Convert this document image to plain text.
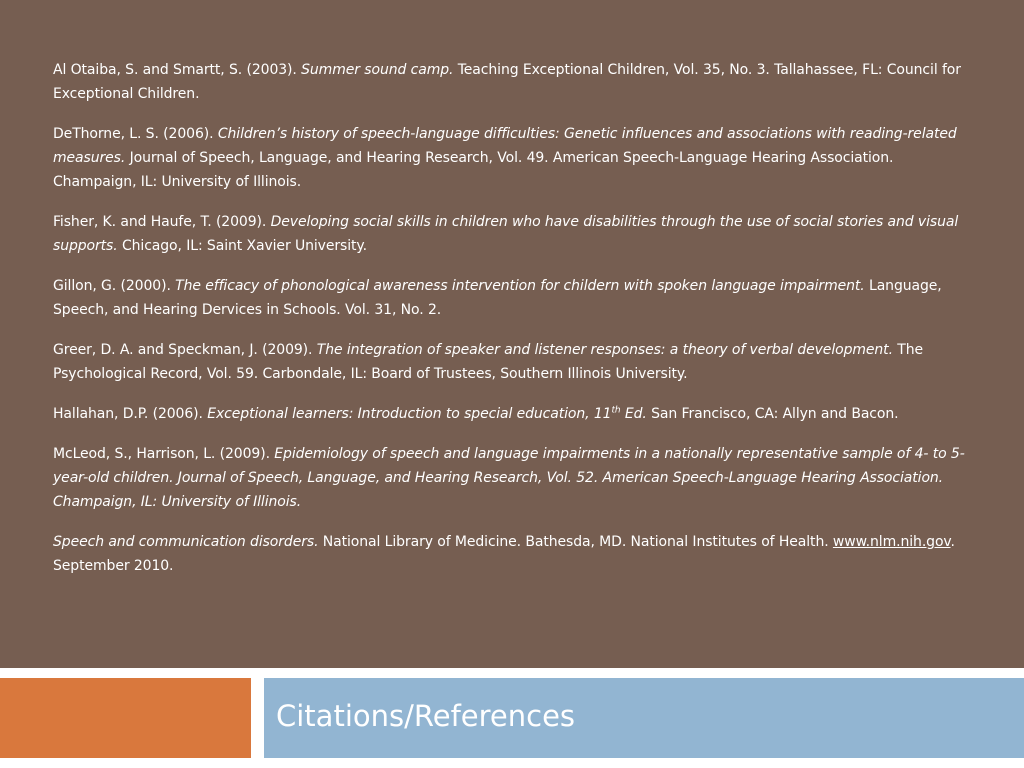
Al Otaiba, S. and Smartt, S. (2003). Summer sound camp. Teaching Exceptional Children, Vol. 35, No. 3. Tallahassee, FL: Council for Exceptional Children.

DeThorne, L. S. (2006). Children’s history of speech-language difficulties: Genetic influences and associations with reading-related measures. Journal of Speech, Language, and Hearing Research, Vol. 49. American Speech-Language Hearing Association. Champaign, IL: University of Illinois.

Fisher, K. and Haufe, T. (2009). Developing social skills in children who have disabilities through the use of social stories and visual supports. Chicago, IL: Saint Xavier University.

Gillon, G. (2000). The efficacy of phonological awareness intervention for childern with spoken language impairment. Language, Speech, and Hearing Dervices in Schools. Vol. 31, No. 2.

Greer, D. A. and Speckman, J. (2009). The integration of speaker and listener responses: a theory of verbal development. The Psychological Record, Vol. 59. Carbondale, IL: Board of Trustees, Southern Illinois University.

Hallahan, D.P. (2006). Exceptional learners: Introduction to special education, 11th Ed. San Francisco, CA: Allyn and Bacon.

McLeod, S., Harrison, L. (2009). Epidemiology of speech and language impairments in a nationally representative sample of 4- to 5- year-old children. Journal of Speech, Language, and Hearing Research, Vol. 52. American Speech-Language Hearing Association. Champaign, IL: University of Illinois.

Speech and communication disorders. National Library of Medicine. Bathesda, MD. National Institutes of Health. www.nlm.nih.gov. September 2010.

Citations/References
